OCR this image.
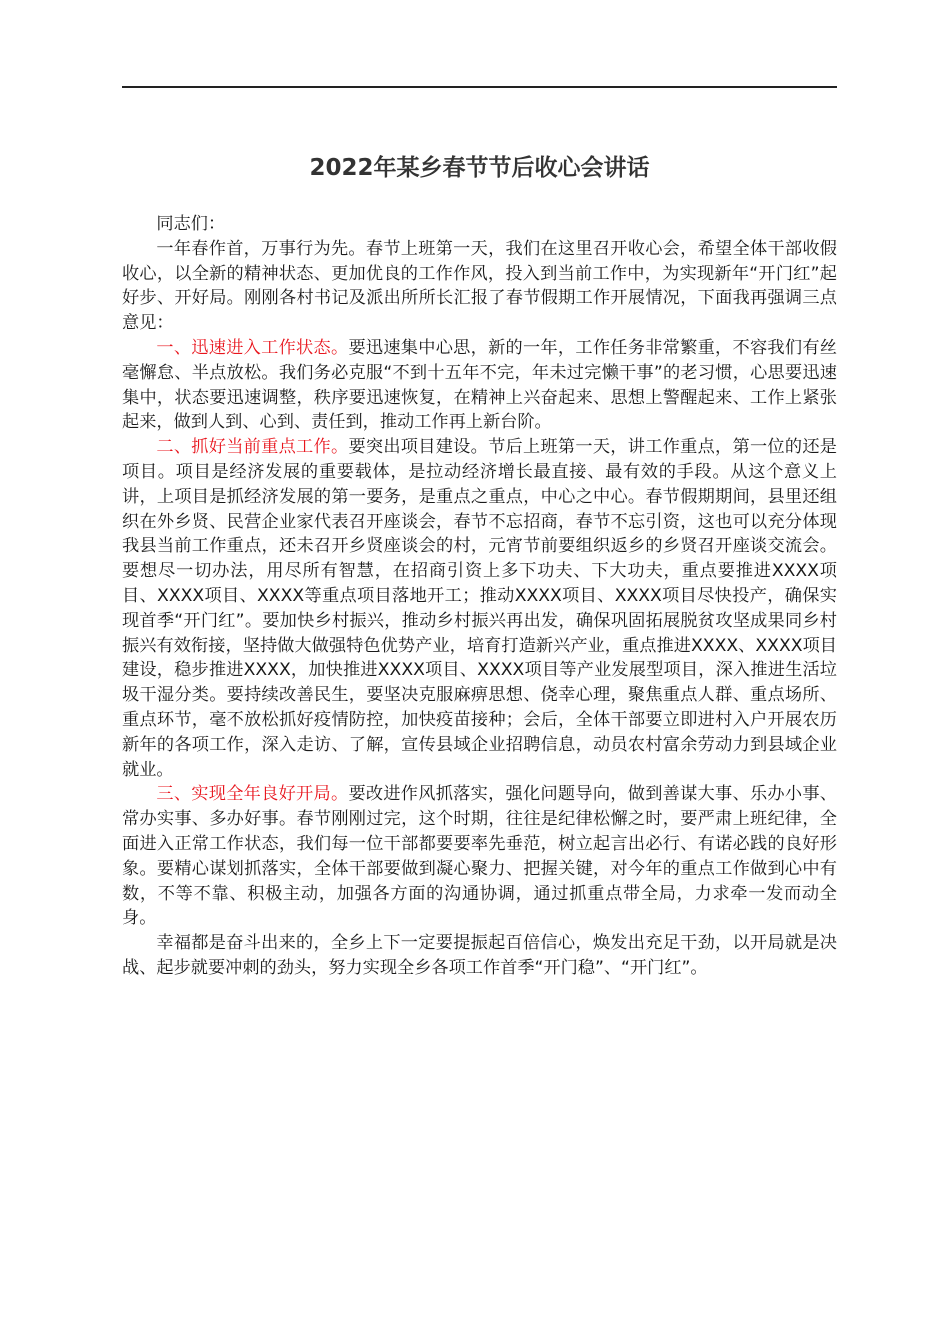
2022年某乡春节节后收心会讲话

同志们：

一年春作首，万事行为先。春节上班第一天，我们在这里召开收心会，希望全体干部收假收心，以全新的精神状态、更加优良的工作作风，投入到当前工作中，为实现新年“开门红”起好步、开好局。刚刚各村书记及派出所所长汇报了春节假期工作开展情况，下面我再强调三点意见：

一、迅速进入工作状态。要迅速集中心思，新的一年，工作任务非常繁重，不容我们有丝毫懈怠、半点放松。我们务必克服“不到十五年不完，年未过完懒干事”的老习惯，心思要迅速集中，状态要迅速调整，秩序要迅速恢复，在精神上兴奋起来、思想上警醒起来、工作上紧张起来，做到人到、心到、责任到，推动工作再上新台阶。

二、抓好当前重点工作。要突出项目建设。节后上班第一天，讲工作重点，第一位的还是项目。项目是经济发展的重要载体，是拉动经济增长最直接、最有效的手段。从这个意义上讲，上项目是抓经济发展的第一要务，是重点之重点，中心之中心。春节假期期间，县里还组织在外乡贤、民营企业家代表召开座谈会，春节不忘招商，春节不忘引资，这也可以充分体现我县当前工作重点，还未召开乡贤座谈会的村，元宵节前要组织返乡的乡贤召开座谈交流会。要想尽一切办法，用尽所有智慧，在招商引资上多下功夫、下大功夫，重点要推进XXXX项目、XXXX项目、XXXX等重点项目落地开工；推动XXXX项目、XXXX项目尽快投产，确保实现首季“开门红”。要加快乡村振兴，推动乡村振兴再出发，确保巩固拓展脱贫攻坚成果同乡村振兴有效衔接，坚持做大做强特色优势产业，培育打造新兴产业，重点推进XXXX、XXXX项目建设，稳步推进XXXX，加快推进XXXX项目、XXXX项目等产业发展型项目，深入推进生活垃圾干湿分类。要持续改善民生，要坚决克服麻痹思想、侥幸心理，聚焦重点人群、重点场所、重点环节，毫不放松抓好疫情防控，加快疫苗接种；会后，全体干部要立即进村入户开展农历新年的各项工作，深入走访、了解，宣传县域企业招聘信息，动员农村富余劳动力到县域企业就业。

三、实现全年良好开局。要改进作风抓落实，强化问题导向，做到善谋大事、乐办小事、常办实事、多办好事。春节刚刚过完，这个时期，往往是纪律松懈之时，要严肃上班纪律，全面进入正常工作状态，我们每一位干部都要要率先垂范，树立起言出必行、有诺必践的良好形象。要精心谋划抓落实，全体干部要做到凝心聚力、把握关键，对今年的重点工作做到心中有数，不等不靠、积极主动，加强各方面的沟通协调，通过抓重点带全局，力求牵一发而动全身。

幸福都是奋斗出来的，全乡上下一定要提振起百倍信心，焕发出充足干劲，以开局就是决战、起步就要冲刺的劲头，努力实现全乡各项工作首季“开门稳”、“开门红”。
